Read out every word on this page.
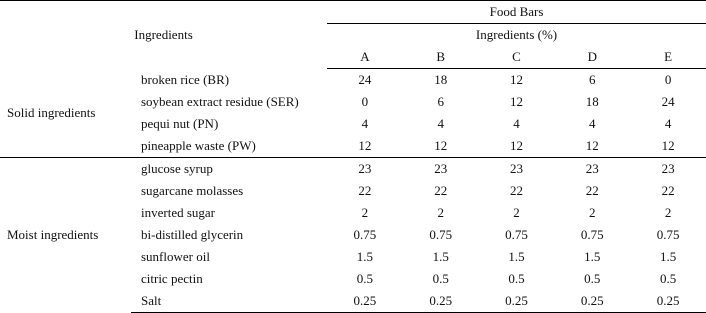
Ingredients		Food Bars				
		Ingredients (%)				
		A	B	C	D	E
Solid ingredients	broken rice (BR)	24	18	12	6	0
	soybean extract residue (SER)	0	6	12	18	24
	pequi nut (PN)	4	4	4	4	4
	pineapple waste (PW)	12	12	12	12	12
Moist ingredients	glucose syrup	23	23	23	23	23
	sugarcane molasses	22	22	22	22	22
	inverted sugar	2	2	2	2	2
	bi-distilled glycerin	0.75	0.75	0.75	0.75	0.75
	sunflower oil	1.5	1.5	1.5	1.5	1.5
	citric pectin	0.5	0.5	0.5	0.5	0.5
	Salt	0.25	0.25	0.25	0.25	0.25
